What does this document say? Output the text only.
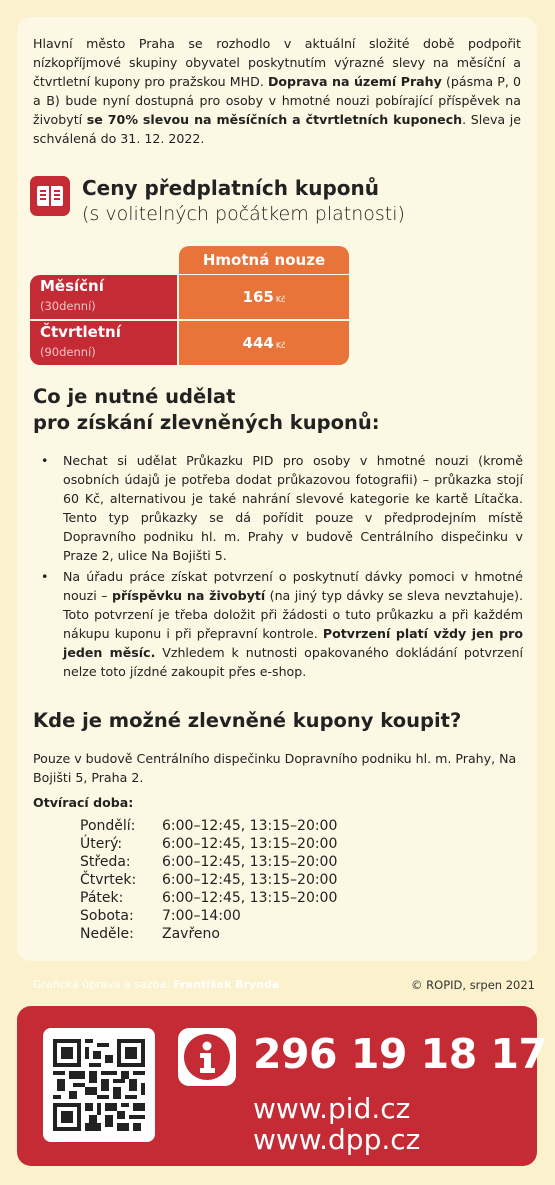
Hlavní město Praha se rozhodlo v aktuální složité době podpořit nízkopříjmové skupiny obyvatel poskytnutím výrazné slevy na měsíční a čtvrtletní kupony pro pražskou MHD. Doprava na území Prahy (pásma P, 0 a B) bude nyní dostupná pro osoby v hmotné nouzi pobírající příspěvek na živobytí se 70% slevou na měsíčních a čtvrtletních kuponech. Sleva je schválená do 31. 12. 2022.

Ceny předplatních kuponů
(s volitelných počátkem platnosti)
Hmotná nouze
Měsíční
(30denní)	165 Kč
Čtvrtletní
(90denní)	444 Kč
Co je nutné udělat
pro získání zlevněných kuponů:
• Nechat si udělat Průkazku PID pro osoby v hmotné nouzi (kromě osobních údajů je potřeba dodat průkazovou fotografii) – průkazka stojí 60 Kč, alternativou je také nahrání slevové kategorie ke kartě Lítačka. Tento typ průkazky se dá pořídit pouze v předprodejním místě Dopravního podniku hl. m. Prahy v budově Centrálního dispečinku v Praze 2, ulice Na Bojišti 5.
• Na úřadu práce získat potvrzení o poskytnutí dávky pomoci v hmotné nouzi – příspěvku na živobytí (na jiný typ dávky se sleva nevztahuje). Toto potvrzení je třeba doložit při žádosti o tuto průkazku a při každém nákupu kuponu i při přepravní kontrole. Potvrzení platí vždy jen pro jeden měsíc. Vzhledem k nutnosti opakovaného dokládání potvrzení nelze toto jízdné zakoupit přes e-shop.
Kde je možné zlevněné kupony koupit?

Pouze v budově Centrálního dispečinku Dopravního podniku hl. m. Prahy, Na Bojišti 5, Praha 2.

Otvírací doba:

Pondělí:	6:00–12:45, 13:15–20:00
Úterý:	6:00–12:45, 13:15–20:00
Středa:	6:00–12:45, 13:15–20:00
Čtvrtek:	6:00–12:45, 13:15–20:00
Pátek:	6:00–12:45, 13:15–20:00
Sobota:	7:00–14:00
Neděle:	Zavřeno
Grafická úprava a sazba: František Brynda	© ROPID, srpen 2021
296 19 18 17
www.pid.cz
www.dpp.cz
